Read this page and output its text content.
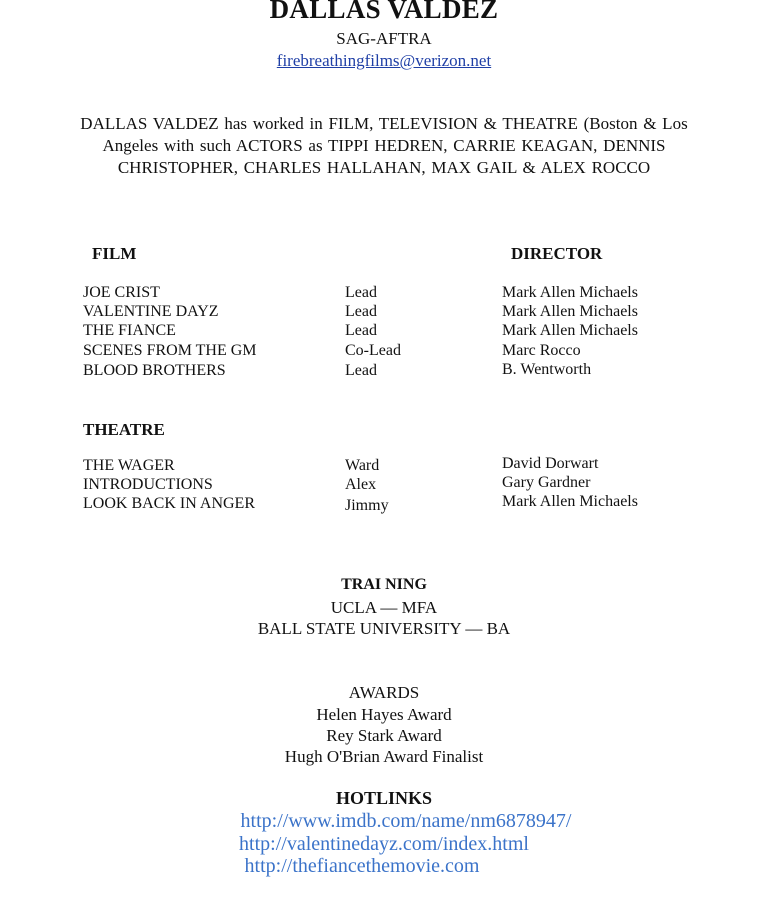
DALLAS VALDEZ
SAG-AFTRA
firebreathingfilms@verizon.net
DALLAS VALDEZ has worked in FILM, TELEVISION & THEATRE (Boston & Los
Angeles with such ACTORS as TIPPI HEDREN, CARRIE KEAGAN, DENNIS
CHRISTOPHER, CHARLES HALLAHAN, MAX GAIL & ALEX ROCCO
FILM	DIRECTOR
JOE CRIST	Lead	Mark Allen Michaels
VALENTINE DAYZ	Lead	Mark Allen Michaels
THE FIANCE	Lead	Mark Allen Michaels
SCENES FROM THE GM	Co-Lead	Marc Rocco
BLOOD BROTHERS	Lead	B. Wentworth
THEATRE
THE WAGER	Ward	David Dorwart
INTRODUCTIONS	Alex	Gary Gardner
LOOK BACK IN ANGER	Jimmy	Mark Allen Michaels
TRAI NING
UCLA — MFA
BALL STATE UNIVERSITY — BA
AWARDS
Helen Hayes Award
Rey Stark Award
Hugh O'Brian Award Finalist
HOTLINKS
http://www.imdb.com/name/nm6878947/
http://valentinedayz.com/index.html
http://thefiancethemovie.com
